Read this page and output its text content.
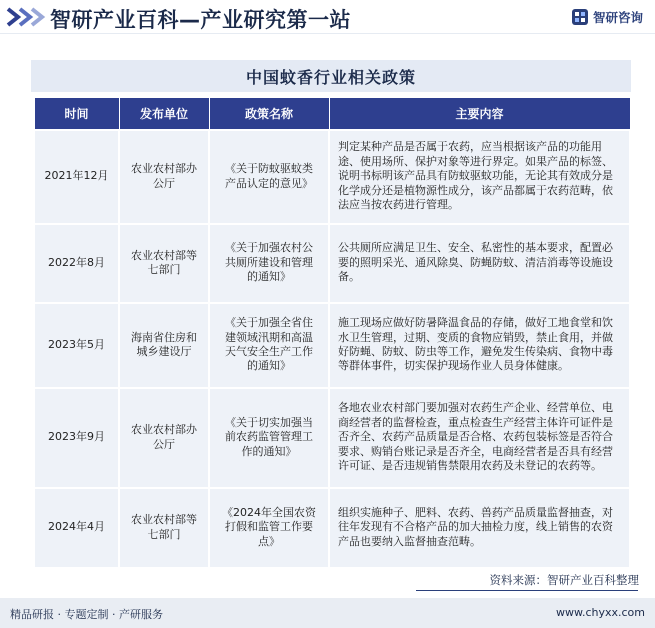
智研产业百科—产业研究第一站	智研咨询
中国蚊香行业相关政策
时间	发布单位	政策名称	主要内容
2021年12月	农业农村部办公厅	《关于防蚊驱蚊类产品认定的意见》	判定某种产品是否属于农药，应当根据该产品的功能用途、使用场所、保护对象等进行界定。如果产品的标签、说明书标明该产品具有防蚊驱蚊功能，无论其有效成分是化学成分还是植物源性成分，该产品都属于农药范畴，依法应当按农药进行管理。
2022年8月	农业农村部等七部门	《关于加强农村公共厕所建设和管理的通知》	公共厕所应满足卫生、安全、私密性的基本要求，配置必要的照明采光、通风除臭、防蝇防蚊、清洁消毒等设施设备。
2023年5月	海南省住房和城乡建设厅	《关于加强全省住建领域汛期和高温天气安全生产工作的通知》	施工现场应做好防暑降温食品的存储，做好工地食堂和饮水卫生管理，过期、变质的食物应销毁，禁止食用，并做好防蝇、防蚊、防虫等工作，避免发生传染病、食物中毒等群体事件，切实保护现场作业人员身体健康。
2023年9月	农业农村部办公厅	《关于切实加强当前农药监管管理工作的通知》	各地农业农村部门要加强对农药生产企业、经营单位、电商经营者的监督检查，重点检查生产经营主体许可证件是否齐全、农药产品质量是否合格、农药包装标签是否符合要求、购销台账记录是否齐全，电商经营者是否具有经营许可证、是否违规销售禁限用农药及未登记的农药等。
2024年4月	农业农村部等七部门	《2024年全国农资打假和监管工作要点》	组织实施种子、肥料、农药、兽药产品质量监督抽查，对往年发现有不合格产品的加大抽检力度，线上销售的农资产品也要纳入监督抽查范畴。
资料来源：智研产业百科整理
精品研报 · 专题定制 · 产研服务	www.chyxx.com
